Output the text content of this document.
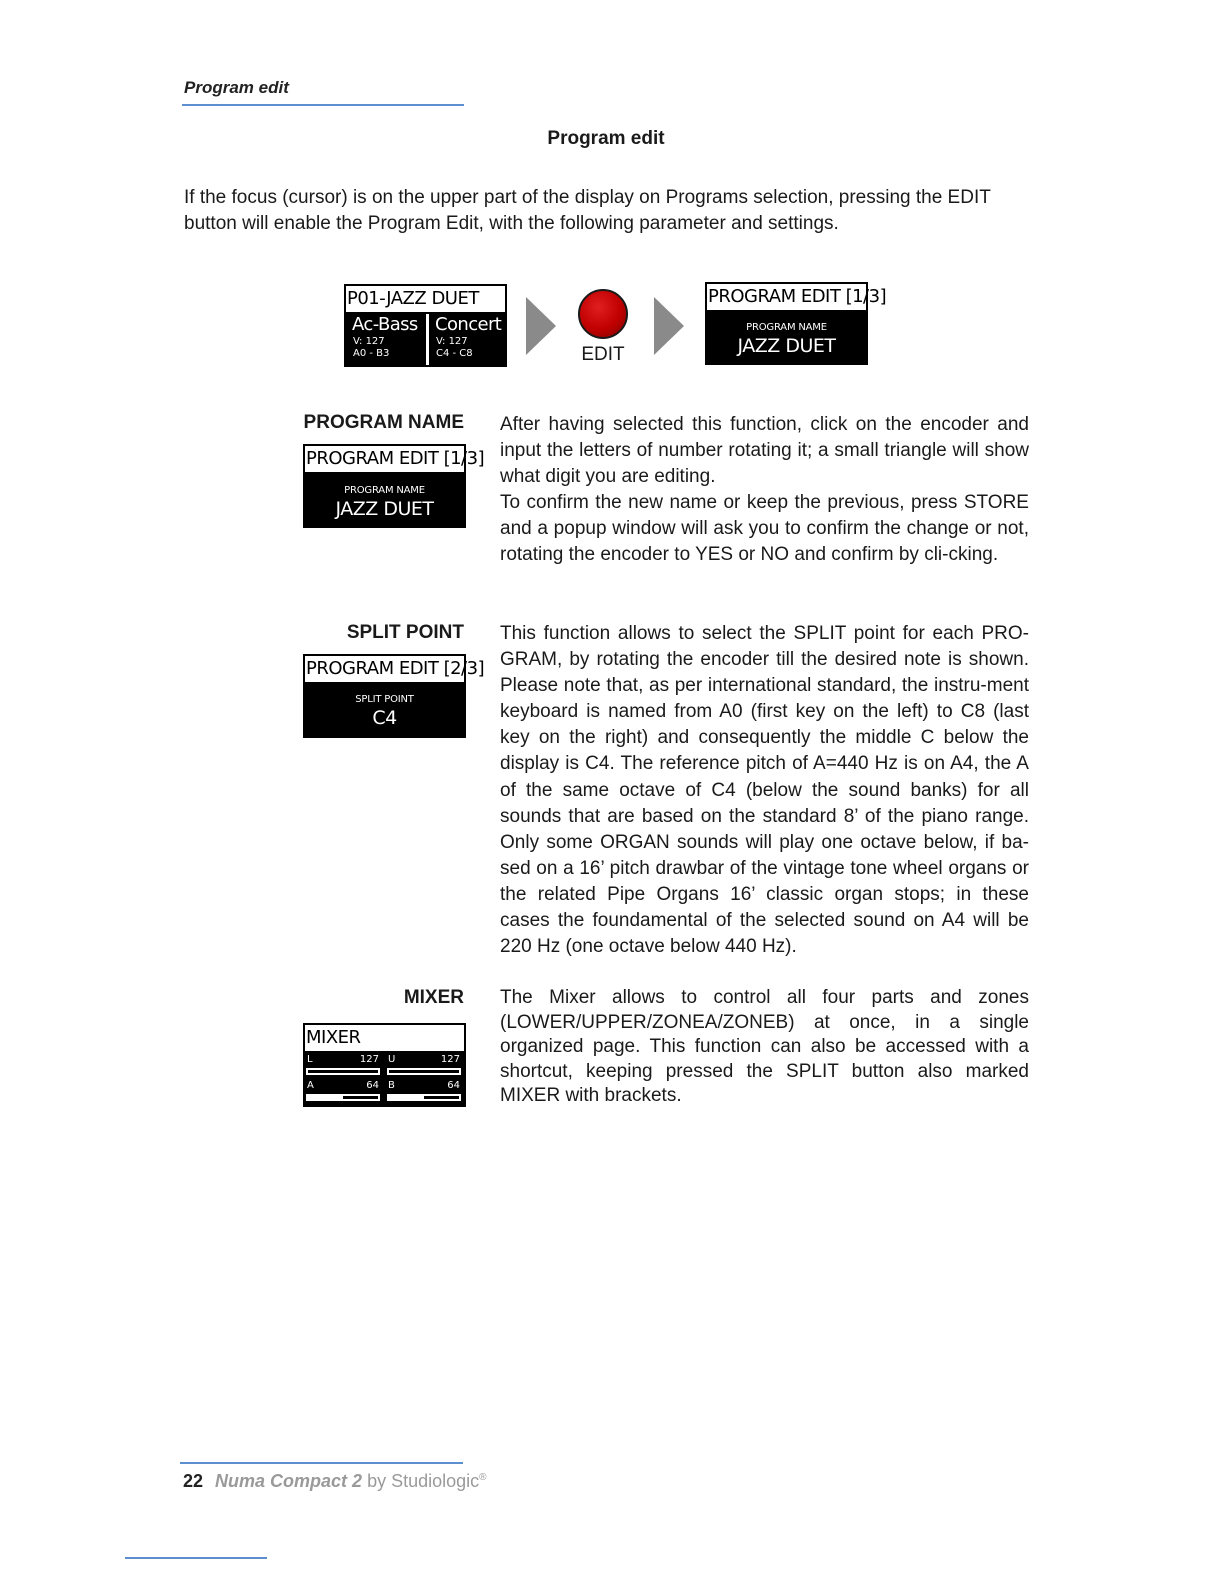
Program edit
Program edit
If the focus (cursor) is on the upper part of the display on Programs selection, pressing the EDIT button will enable the Program Edit, with the following parameter and settings.
P01-JAZZ DUET
Ac-Bass
V: 127
A0 - B3
Concert
V: 127
C4 - C8	EDIT
PROGRAM EDIT [1/3]
PROGRAM NAME
JAZZ DUET
PROGRAM NAME
PROGRAM EDIT [1/3]
PROGRAM NAME
JAZZ DUET
After having selected this function, click on the encoder and input the letters of number rotating it; a small triangle will show what digit you are editing.
To confirm the new name or keep the previous, press STORE and a popup window will ask you to confirm the change or not, rotating the encoder to YES or NO and confirm by cli-cking.
SPLIT POINT
PROGRAM EDIT [2/3]
SPLIT POINT
C4
This function allows to select the SPLIT point for each PRO-GRAM, by rotating the encoder till the desired note is shown. Please note that, as per international standard, the instru-ment keyboard is named from A0 (first key on the left) to C8 (last key on the right) and consequently the middle C below the display is C4. The reference pitch of A=440 Hz is on A4, the A of the same octave of C4 (below the sound banks) for all sounds that are based on the standard 8’ of the piano range. Only some ORGAN sounds will play one octave below, if ba-sed on a 16’ pitch drawbar of the vintage tone wheel organs or the related Pipe Organs 16’ classic organ stops; in these cases the foundamental of the selected sound on A4 will be 220 Hz (one octave below 440 Hz).
MIXER
MIXER
L	127 U	127
A	64 B	64
The Mixer allows to control all four parts and zones (LOWER/UPPER/ZONEA/ZONEB) at once, in a single organized page. This function can also be accessed with a shortcut, keeping pressed the SPLIT button also marked MIXER with brackets.
22 Numa Compact 2 by Studiologic®
